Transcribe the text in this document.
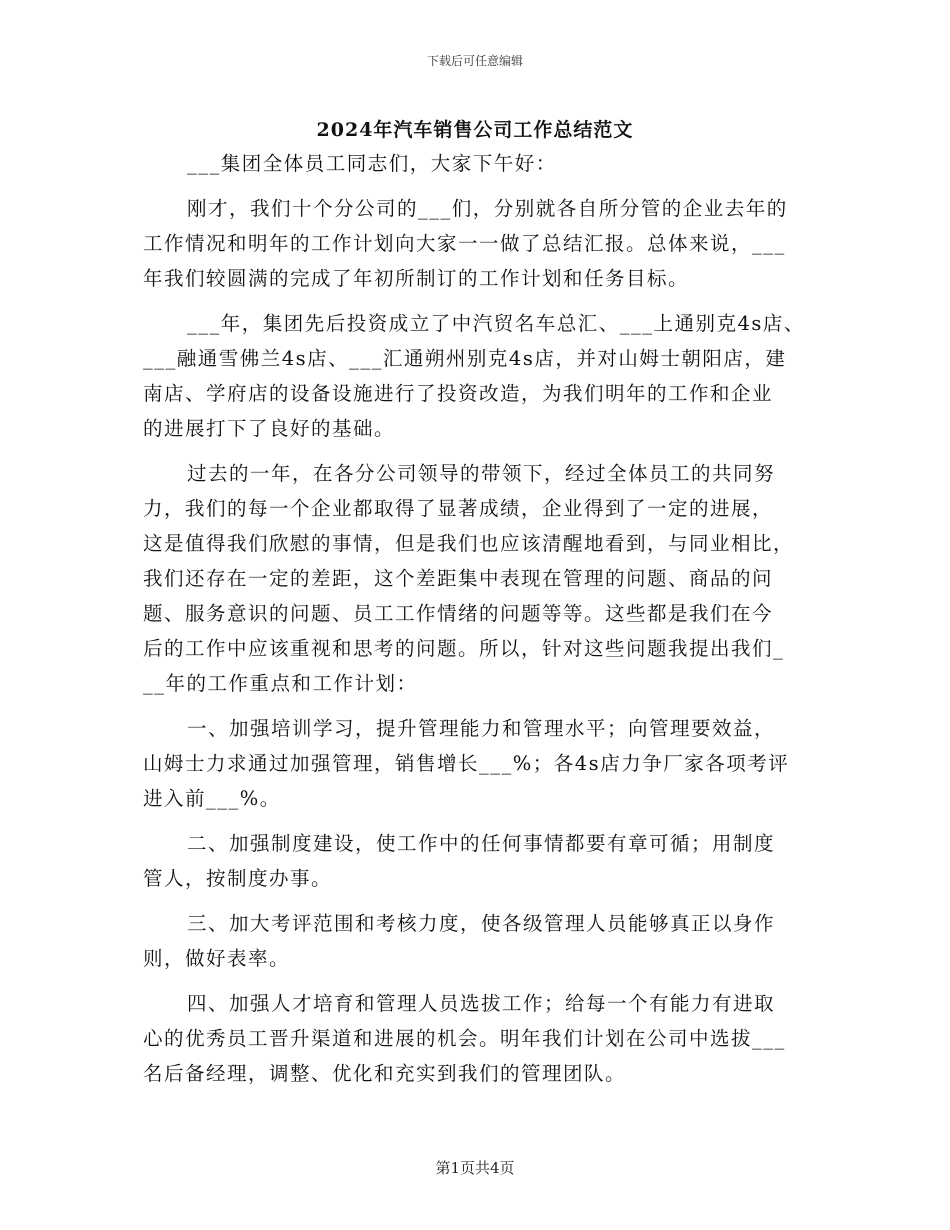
下载后可任意编辑
2024年汽车销售公司工作总结范文
___集团全体员工同志们，大家下午好：
刚才，我们十个分公司的___们，分别就各自所分管的企业去年的
工作情况和明年的工作计划向大家一一做了总结汇报。总体来说，___
年我们较圆满的完成了年初所制订的工作计划和任务目标。
___年，集团先后投资成立了中汽贸名车总汇、___上通别克4s店、
___融通雪佛兰4s店、___汇通朔州别克4s店，并对山姆士朝阳店，建
南店、学府店的设备设施进行了投资改造，为我们明年的工作和企业
的进展打下了良好的基础。
过去的一年，在各分公司领导的带领下，经过全体员工的共同努
力，我们的每一个企业都取得了显著成绩，企业得到了一定的进展，
这是值得我们欣慰的事情，但是我们也应该清醒地看到，与同业相比，
我们还存在一定的差距，这个差距集中表现在管理的问题、商品的问
题、服务意识的问题、员工工作情绪的问题等等。这些都是我们在今
后的工作中应该重视和思考的问题。所以，针对这些问题我提出我们_
__年的工作重点和工作计划：
一、加强培训学习，提升管理能力和管理水平；向管理要效益，
山姆士力求通过加强管理，销售增长___%；各4s店力争厂家各项考评
进入前___%。
二、加强制度建设，使工作中的任何事情都要有章可循；用制度
管人，按制度办事。
三、加大考评范围和考核力度，使各级管理人员能够真正以身作
则，做好表率。
四、加强人才培育和管理人员选拔工作；给每一个有能力有进取
心的优秀员工晋升渠道和进展的机会。明年我们计划在公司中选拔___
名后备经理，调整、优化和充实到我们的管理团队。
第1页共4页
